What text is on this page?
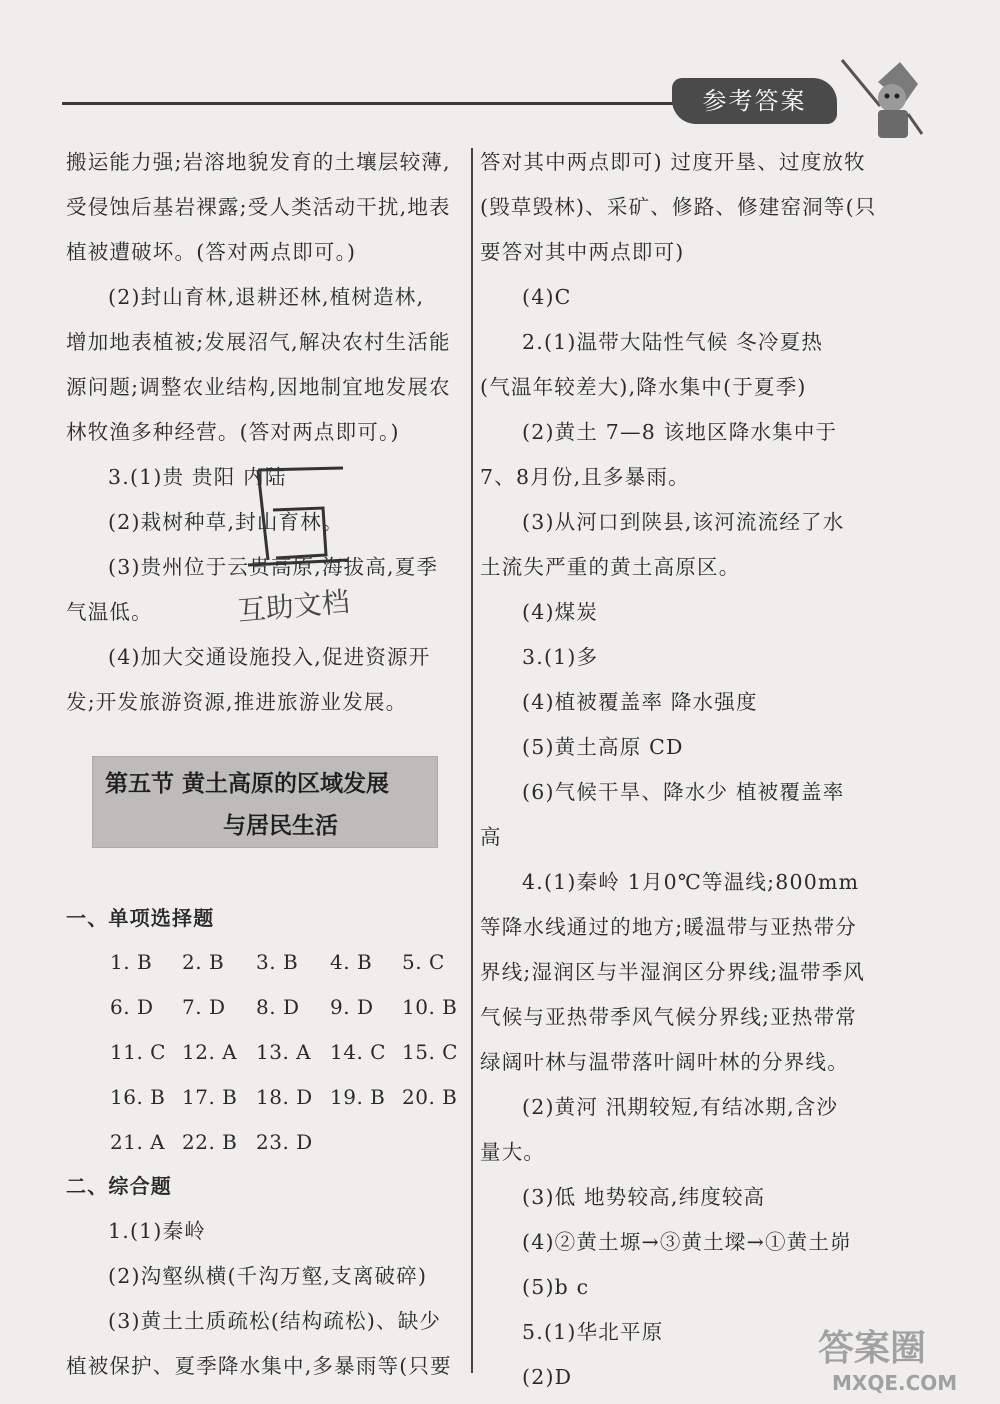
参考答案
搬运能力强;岩溶地貌发育的土壤层较薄,
受侵蚀后基岩裸露;受人类活动干扰,地表
植被遭破坏。(答对两点即可。)
(2)封山育林,退耕还林,植树造林,
增加地表植被;发展沼气,解决农村生活能
源问题;调整农业结构,因地制宜地发展农
林牧渔多种经营。(答对两点即可。)
3.(1)贵 贵阳 内陆
(2)栽树种草,封山育林。
(3)贵州位于云贵高原,海拔高,夏季
气温低。
(4)加大交通设施投入,促进资源开
发;开发旅游资源,推进旅游业发展。
互助文档
第五节 黄土高原的区域发展
与居民生活
一、单项选择题
1. B 2. B 3. B 4. B 5. C
6. D 7. D 8. D 9. D 10. B
11. C 12. A 13. A 14. C 15. C
16. B 17. B 18. D 19. B 20. B
21. A 22. B 23. D
二、综合题
1.(1)秦岭
(2)沟壑纵横(千沟万壑,支离破碎)
(3)黄土土质疏松(结构疏松)、缺少
植被保护、夏季降水集中,多暴雨等(只要
答对其中两点即可) 过度开垦、过度放牧
(毁草毁林)、采矿、修路、修建窑洞等(只
要答对其中两点即可)
(4)C
2.(1)温带大陆性气候 冬冷夏热
(气温年较差大),降水集中(于夏季)
(2)黄土 7—8 该地区降水集中于
7、8月份,且多暴雨。
(3)从河口到陕县,该河流流经了水
土流失严重的黄土高原区。
(4)煤炭
3.(1)多
(4)植被覆盖率 降水强度
(5)黄土高原 CD
(6)气候干旱、降水少 植被覆盖率
高
4.(1)秦岭 1月0℃等温线;800mm
等降水线通过的地方;暖温带与亚热带分
界线;湿润区与半湿润区分界线;温带季风
气候与亚热带季风气候分界线;亚热带常
绿阔叶林与温带落叶阔叶林的分界线。
(2)黄河 汛期较短,有结冰期,含沙
量大。
(3)低 地势较高,纬度较高
(4)②黄土塬→③黄土墚→①黄土峁
(5)b c
5.(1)华北平原
(2)D
答案圈
MXQE.COM
